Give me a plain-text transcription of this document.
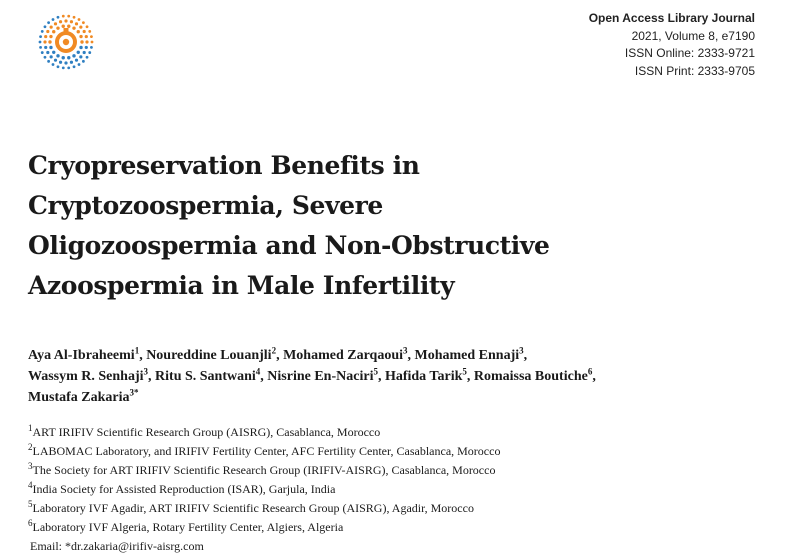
Open Access Library Journal
2021, Volume 8, e7190
ISSN Online: 2333-9721
ISSN Print: 2333-9705
Cryopreservation Benefits in
Cryptozoospermia, Severe
Oligozoospermia and Non-Obstructive
Azoospermia in Male Infertility
Aya Al-Ibraheemi$^1$, Noureddine Louanjli$^2$, Mohamed Zarqaoui$^3$, Mohamed Ennaji$^3$,
Wassym R. Senhaji$^3$, Ritu S. Santwani$^4$, Nisrine En-Naciri$^5$, Hafida Tarik$^5$, Romaissa Boutiche$^6$,
Mustafa Zakaria$^{3*}$
$^1$ART IRIFIV Scientific Research Group (AISRG), Casablanca, Morocco
$^2$LABOMAC Laboratory, and IRIFIV Fertility Center, AFC Fertility Center, Casablanca, Morocco
$^3$The Society for ART IRIFIV Scientific Research Group (IRIFIV-AISRG), Casablanca, Morocco
$^4$India Society for Assisted Reproduction (ISAR), Garjula, India
$^5$Laboratory IVF Agadir, ART IRIFIV Scientific Research Group (AISRG), Agadir, Morocco
$^6$Laboratory IVF Algeria, Rotary Fertility Center, Algiers, Algeria
Email: *dr.zakaria@irifiv-aisrg.com
